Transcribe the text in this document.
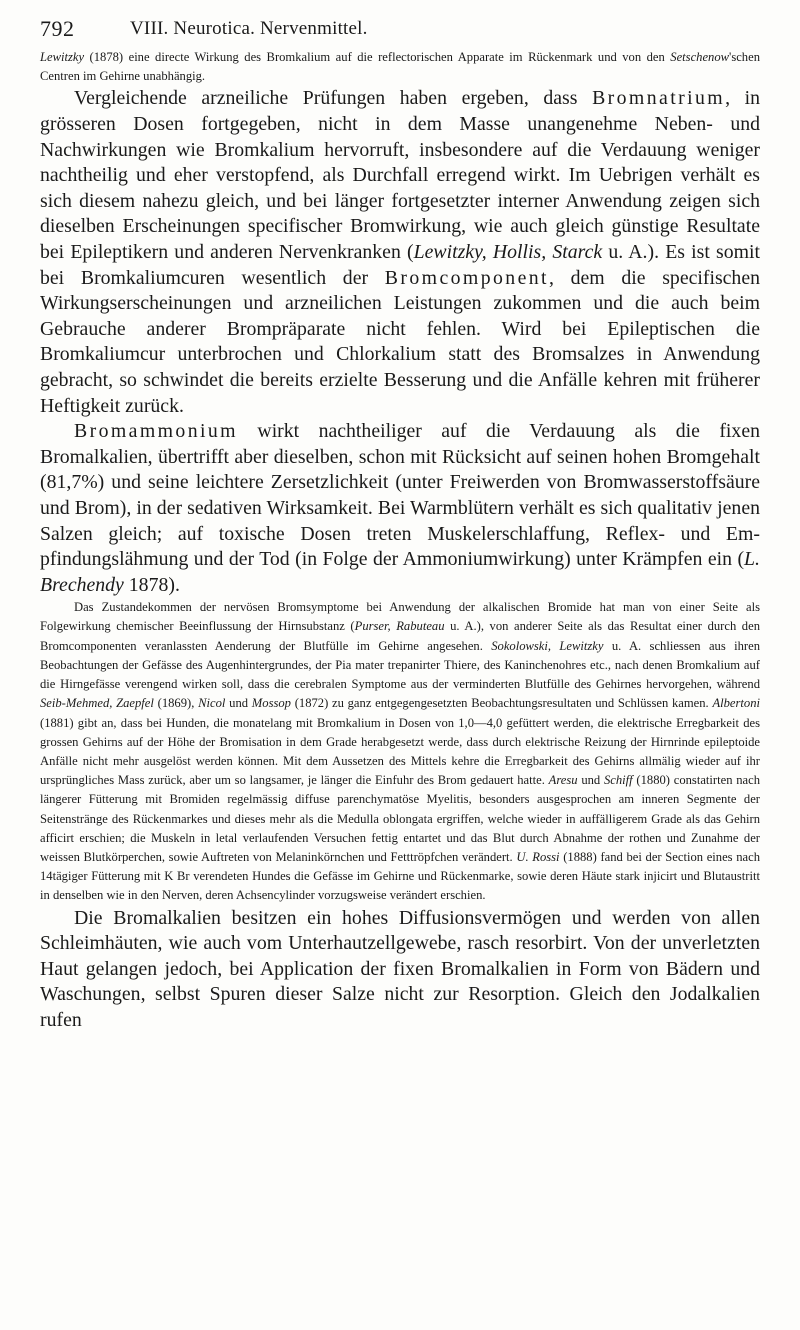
792	VIII. Neurotica. Nervenmittel.

Lewitzky (1878) eine directe Wirkung des Bromkalium auf die reflectorischen Apparate im Rückenmark und von den Setschenow'schen Centren im Gehirne unabhängig.

Vergleichende arzneiliche Prüfungen haben ergeben, dass Bromnatrium, in grösseren Dosen fortgegeben, nicht in dem Masse unangenehme Neben- und Nachwirkungen wie Bromkalium hervorruft, insbesondere auf die Verdauung weniger nachtheilig und eher verstopfend, als Durchfall erregend wirkt. Im Uebrigen verhält es sich diesem nahezu gleich, und bei länger fortgesetzter interner Anwendung zeigen sich dieselben Erscheinungen specifischer Bromwirkung, wie auch gleich günstige Resultate bei Epileptikern und anderen Nervenkranken (Lewitzky, Hollis, Starck u. A.). Es ist somit bei Bromkaliumcuren wesentlich der Bromcomponent, dem die specifischen Wirkungserscheinungen und arzneilichen Leistungen zukommen und die auch beim Gebrauche anderer Brompräparate nicht fehlen. Wird bei Epileptischen die Bromkaliumcur unterbrochen und Chlorkalium statt des Bromsalzes in Anwendung gebracht, so schwindet die bereits erzielte Besserung und die Anfälle kehren mit früherer Heftigkeit zurück.

Bromammonium wirkt nachtheiliger auf die Verdauung als die fixen Bromalkalien, übertrifft aber dieselben, schon mit Rücksicht auf seinen hohen Bromgehalt (81,7%) und seine leichtere Zersetzlichkeit (unter Freiwerden von Bromwasserstoffsäure und Brom), in der sedativen Wirksamkeit. Bei Warmblütern verhält es sich qualitativ jenen Salzen gleich; auf toxische Dosen treten Muskelerschlaffung, Reflex- und Empfindungslähmung und der Tod (in Folge der Ammoniumwirkung) unter Krämpfen ein (L. Brechendy 1878).

Das Zustandekommen der nervösen Bromsymptome bei Anwendung der alkalischen Bromide hat man von einer Seite als Folgewirkung chemischer Beeinflussung der Hirnsubstanz (Purser, Rabuteau u. A.), von anderer Seite als das Resultat einer durch den Bromcomponenten veranlassten Aenderung der Blutfülle im Gehirne angesehen. Sokolowski, Lewitzky u. A. schliessen aus ihren Beobachtungen der Gefässe des Augenhintergrundes, der Pia mater trepanirter Thiere, des Kaninchenohres etc., nach denen Bromkalium auf die Hirngefässe verengend wirken soll, dass die cerebralen Symptome aus der verminderten Blutfülle des Gehirnes hervorgehen, während Seib-Mehmed, Zaepfel (1869), Nicol und Mossop (1872) zu ganz entgegengesetzten Beobachtungsresultaten und Schlüssen kamen. Albertoni (1881) gibt an, dass bei Hunden, die monatelang mit Bromkalium in Dosen von 1,0—4,0 gefüttert werden, die elektrische Erregbarkeit des grossen Gehirns auf der Höhe der Bromisation in dem Grade herabgesetzt werde, dass durch elektrische Reizung der Hirnrinde epileptoide Anfälle nicht mehr ausgelöst werden können. Mit dem Aussetzen des Mittels kehre die Erregbarkeit des Gehirns allmälig wieder auf ihr ursprüngliches Mass zurück, aber um so langsamer, je länger die Einfuhr des Brom gedauert hatte. Aresu und Schiff (1880) constatirten nach längerer Fütterung mit Bromiden regelmässig diffuse parenchymatöse Myelitis, besonders ausgesprochen am inneren Segmente der Seitenstränge des Rückenmarkes und dieses mehr als die Medulla oblongata ergriffen, welche wieder in auffälligerem Grade als das Gehirn afficirt erschien; die Muskeln in letal verlaufenden Versuchen fettig entartet und das Blut durch Abnahme der rothen und Zunahme der weissen Blutkörperchen, sowie Auftreten von Melaninkörnchen und Fetttröpfchen verändert. U. Rossi (1888) fand bei der Section eines nach 14tägiger Fütterung mit K Br verendeten Hundes die Gefässe im Gehirne und Rückenmarke, sowie deren Häute stark injicirt und Blutaustritt in denselben wie in den Nerven, deren Achsencylinder vorzugsweise verändert erschien.

Die Bromalkalien besitzen ein hohes Diffusionsvermögen und werden von allen Schleimhäuten, wie auch vom Unterhautzellgewebe, rasch resorbirt. Von der unverletzten Haut gelangen jedoch, bei Application der fixen Bromalkalien in Form von Bädern und Waschungen, selbst Spuren dieser Salze nicht zur Resorption. Gleich den Jodalkalien rufen
